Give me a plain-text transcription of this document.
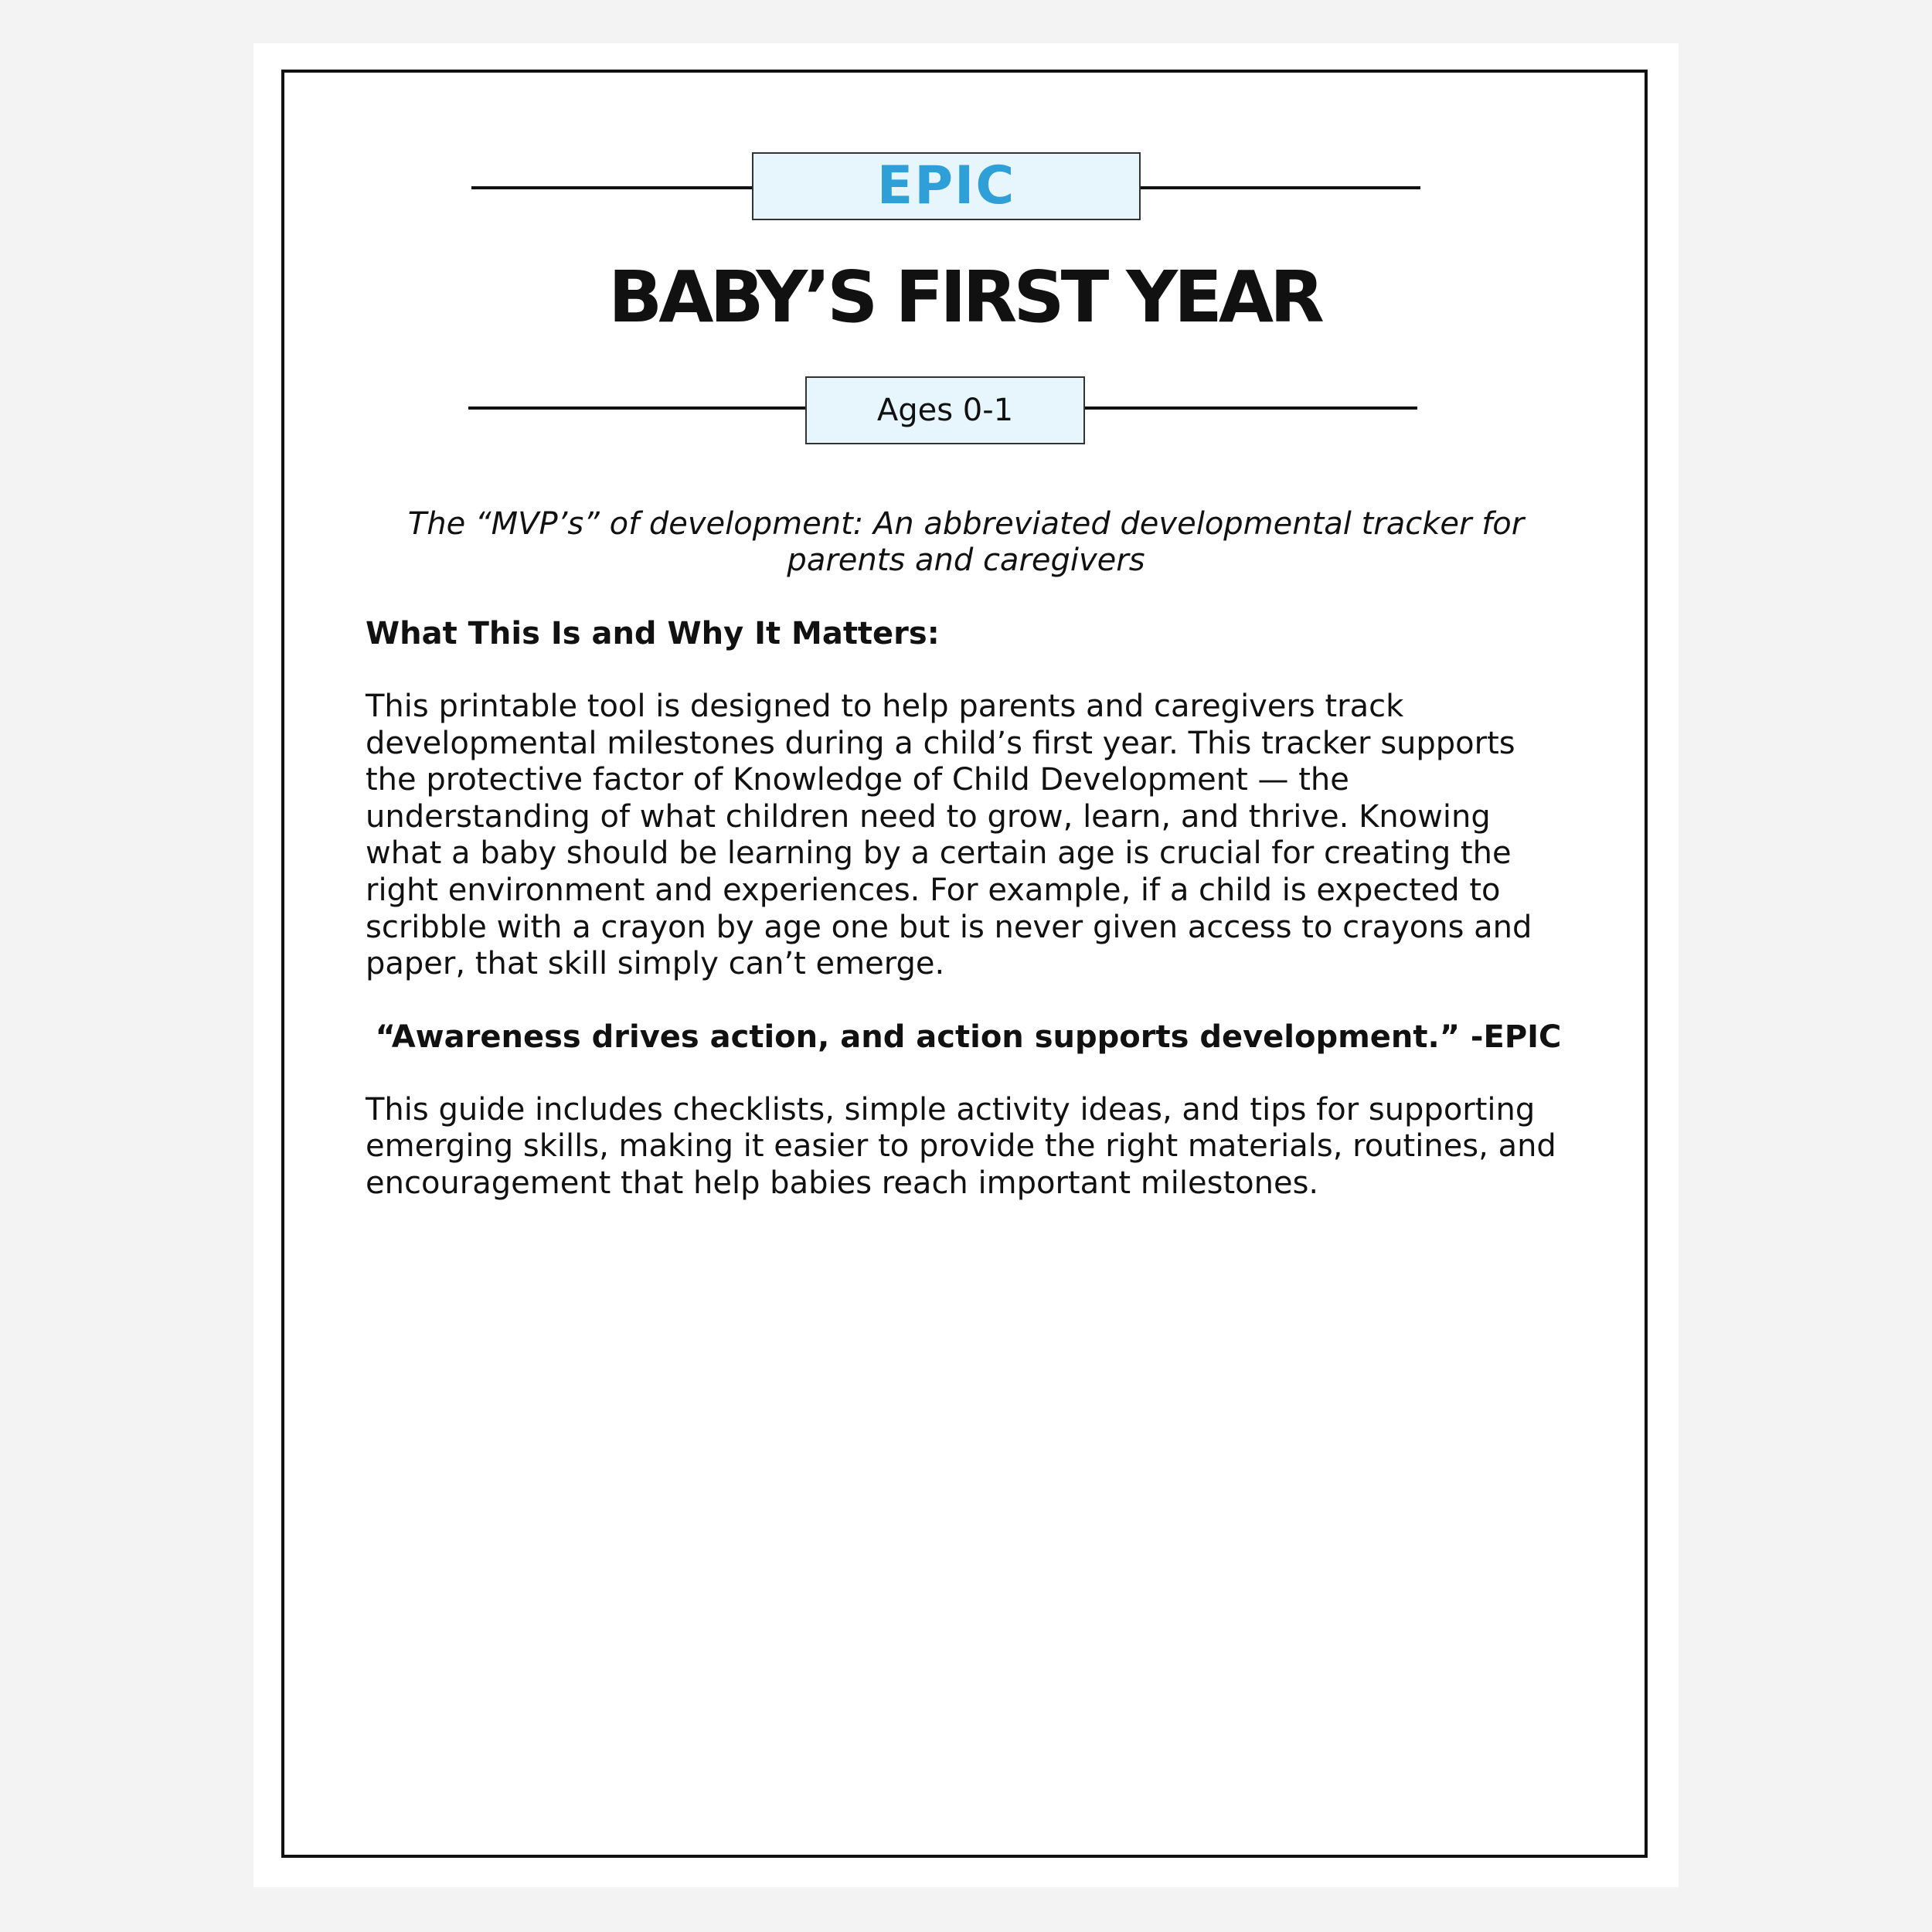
EPIC
BABY’S FIRST YEAR
Ages 0-1
The “MVP’s” of development: An abbreviated developmental tracker for parents and caregivers

What This Is and Why It Matters:

This printable tool is designed to help parents and caregivers track developmental milestones during a child’s first year. This tracker supports the protective factor of Knowledge of Child Development — the understanding of what children need to grow, learn, and thrive. Knowing what a baby should be learning by a certain age is crucial for creating the right environment and experiences. For example, if a child is expected to scribble with a crayon by age one but is never given access to crayons and paper, that skill simply can’t emerge.

“Awareness drives action, and action supports development.” -EPIC

This guide includes checklists, simple activity ideas, and tips for supporting emerging skills, making it easier to provide the right materials, routines, and encouragement that help babies reach important milestones.
